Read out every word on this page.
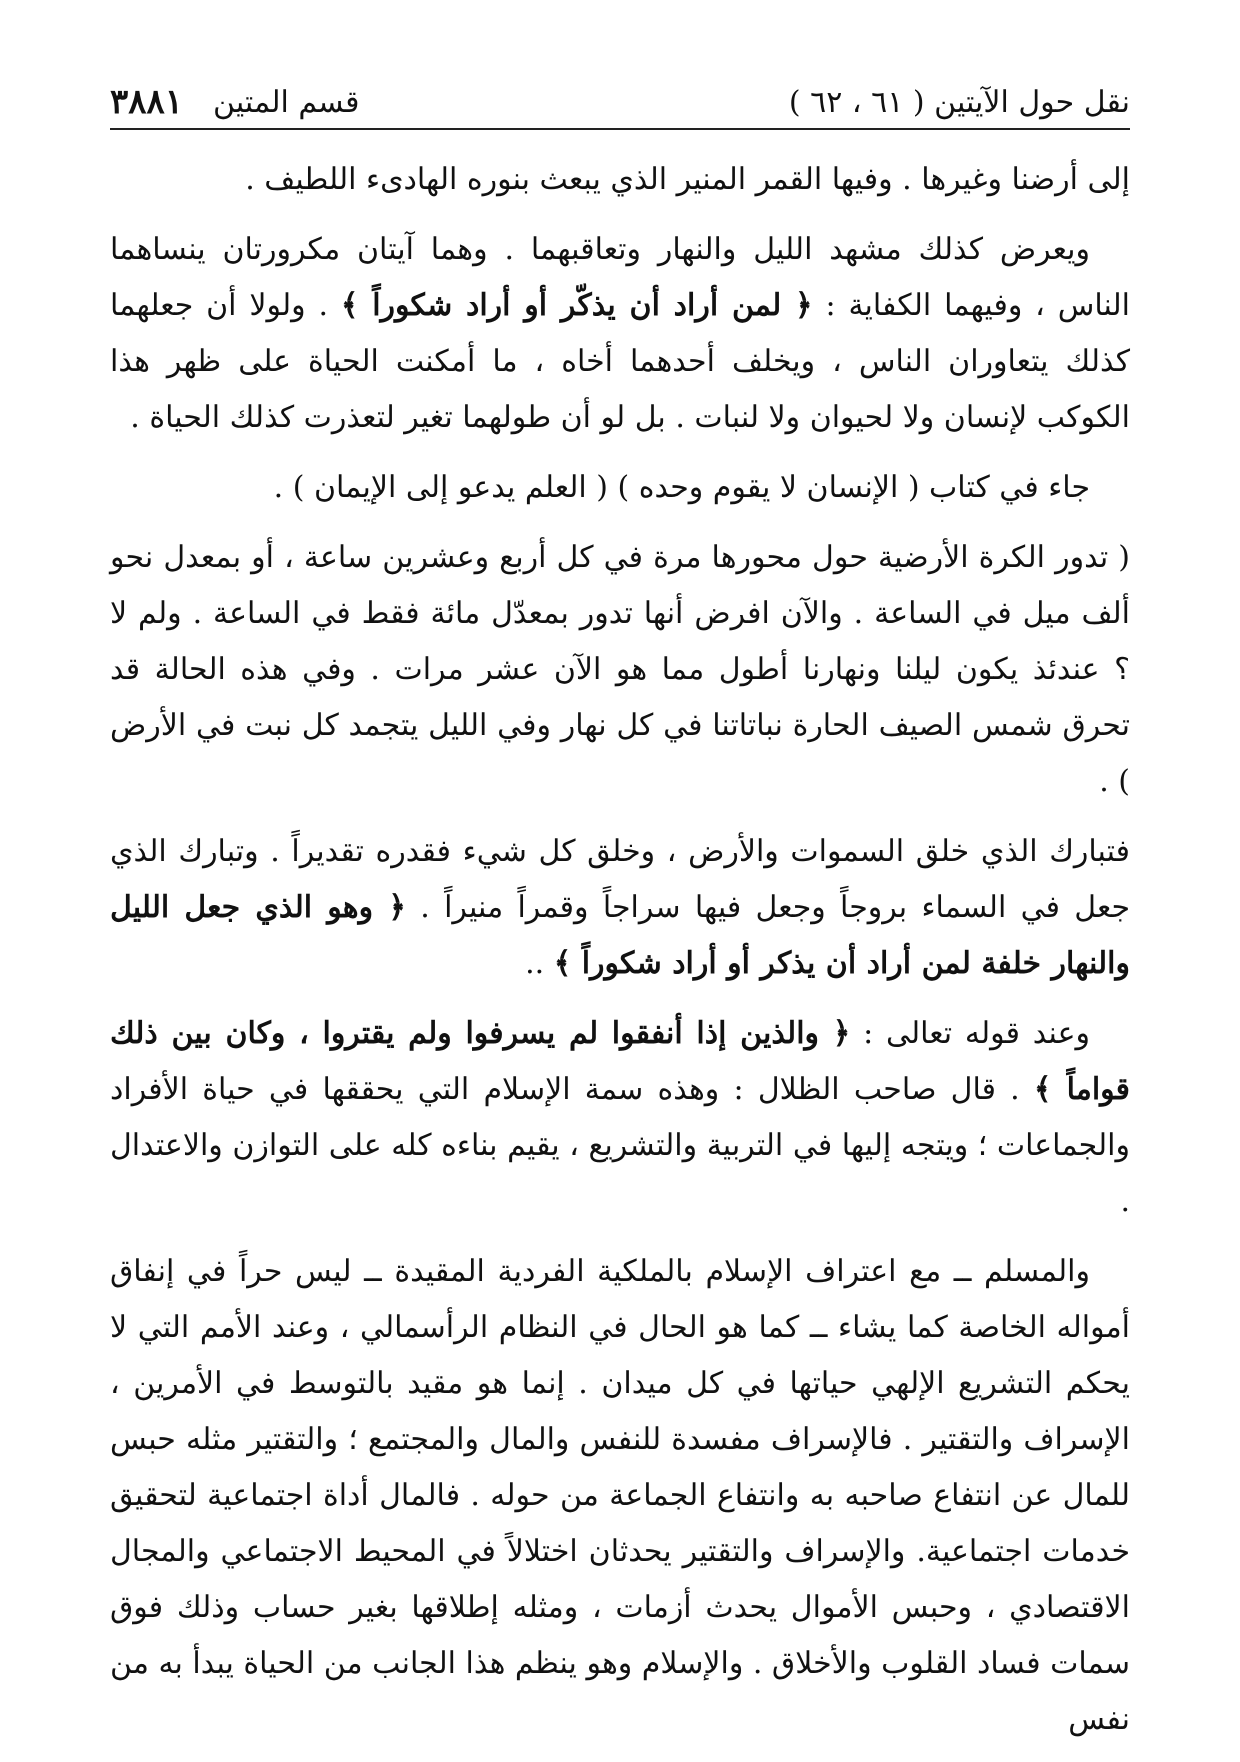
نقل حول الآيتين ( ٦١ ، ٦٢ )
قسم المتين
٣٨٨١

إلى أرضنا وغيرها . وفيها القمر المنير الذي يبعث بنوره الهادىء اللطيف .

ويعرض كذلك مشهد الليل والنهار وتعاقبهما . وهما آيتان مكرورتان ينساهما الناس ، وفيهما الكفاية : ﴿ لمن أراد أن يذكّر أو أراد شكوراً ﴾ . ولولا أن جعلهما كذلك يتعاوران الناس ، ويخلف أحدهما أخاه ، ما أمكنت الحياة على ظهر هذا الكوكب لإنسان ولا لحيوان ولا لنبات . بل لو أن طولهما تغير لتعذرت كذلك الحياة .

جاء في كتاب ( الإنسان لا يقوم وحده ) ( العلم يدعو إلى الإيمان ) .

( تدور الكرة الأرضية حول محورها مرة في كل أربع وعشرين ساعة ، أو بمعدل نحو ألف ميل في الساعة . والآن افرض أنها تدور بمعدّل مائة فقط في الساعة . ولم لا ؟ عندئذ يكون ليلنا ونهارنا أطول مما هو الآن عشر مرات . وفي هذه الحالة قد تحرق شمس الصيف الحارة نباتاتنا في كل نهار وفي الليل يتجمد كل نبت في الأرض ) .

فتبارك الذي خلق السموات والأرض ، وخلق كل شيء فقدره تقديراً . وتبارك الذي جعل في السماء بروجاً وجعل فيها سراجاً وقمراً منيراً . ﴿ وهو الذي جعل الليل والنهار خلفة لمن أراد أن يذكر أو أراد شكوراً ﴾ ..

وعند قوله تعالى : ﴿ والذين إذا أنفقوا لم يسرفوا ولم يقتروا ، وكان بين ذلك قواماً ﴾ . قال صاحب الظلال : وهذه سمة الإسلام التي يحققها في حياة الأفراد والجماعات ؛ ويتجه إليها في التربية والتشريع ، يقيم بناءه كله على التوازن والاعتدال .

والمسلم ــ مع اعتراف الإسلام بالملكية الفردية المقيدة ــ ليس حراً في إنفاق أمواله الخاصة كما يشاء ــ كما هو الحال في النظام الرأسمالي ، وعند الأمم التي لا يحكم التشريع الإلهي حياتها في كل ميدان . إنما هو مقيد بالتوسط في الأمرين ، الإسراف والتقتير . فالإسراف مفسدة للنفس والمال والمجتمع ؛ والتقتير مثله حبس للمال عن انتفاع صاحبه به وانتفاع الجماعة من حوله . فالمال أداة اجتماعية لتحقيق خدمات اجتماعية. والإسراف والتقتير يحدثان اختلالاً في المحيط الاجتماعي والمجال الاقتصادي ، وحبس الأموال يحدث أزمات ، ومثله إطلاقها بغير حساب وذلك فوق سمات فساد القلوب والأخلاق . والإسلام وهو ينظم هذا الجانب من الحياة يبدأ به من نفس
